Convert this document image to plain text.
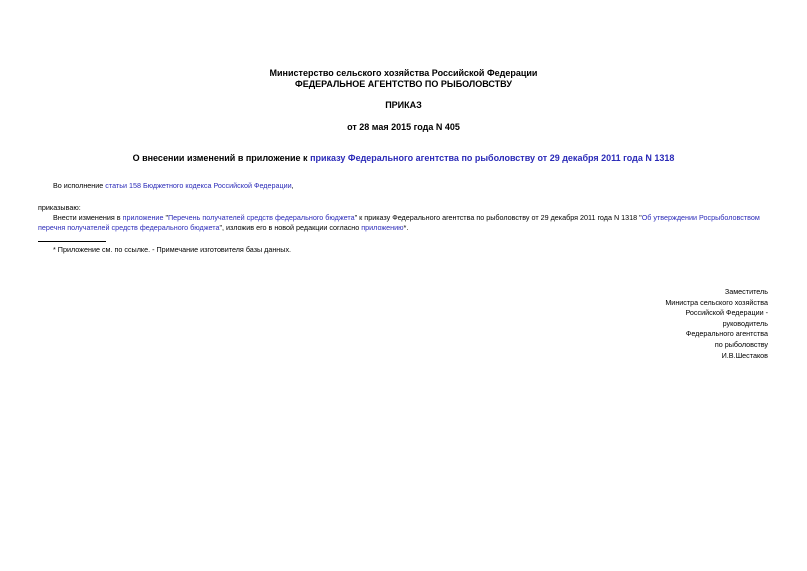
Министерство сельского хозяйства Российской Федерации
ФЕДЕРАЛЬНОЕ АГЕНТСТВО ПО РЫБОЛОВСТВУ
ПРИКАЗ
от 28 мая 2015 года N 405
О внесении изменений в приложение к приказу Федерального агентства по рыболовству от 29 декабря 2011 года N 1318
Во исполнение статьи 158 Бюджетного кодекса Российской Федерации,
приказываю:
Внести изменения в приложение "Перечень получателей средств федерального бюджета" к приказу Федерального агентства по рыболовству от 29 декабря 2011 года N 1318 "Об утверждении Росрыболовством перечня получателей средств федерального бюджета", изложив его в новой редакции согласно приложению*.
* Приложение см. по ссылке. - Примечание изготовителя базы данных.
Заместитель
Министра сельского хозяйства
Российской Федерации -
руководитель
Федерального агентства
по рыболовству
И.В.Шестаков
